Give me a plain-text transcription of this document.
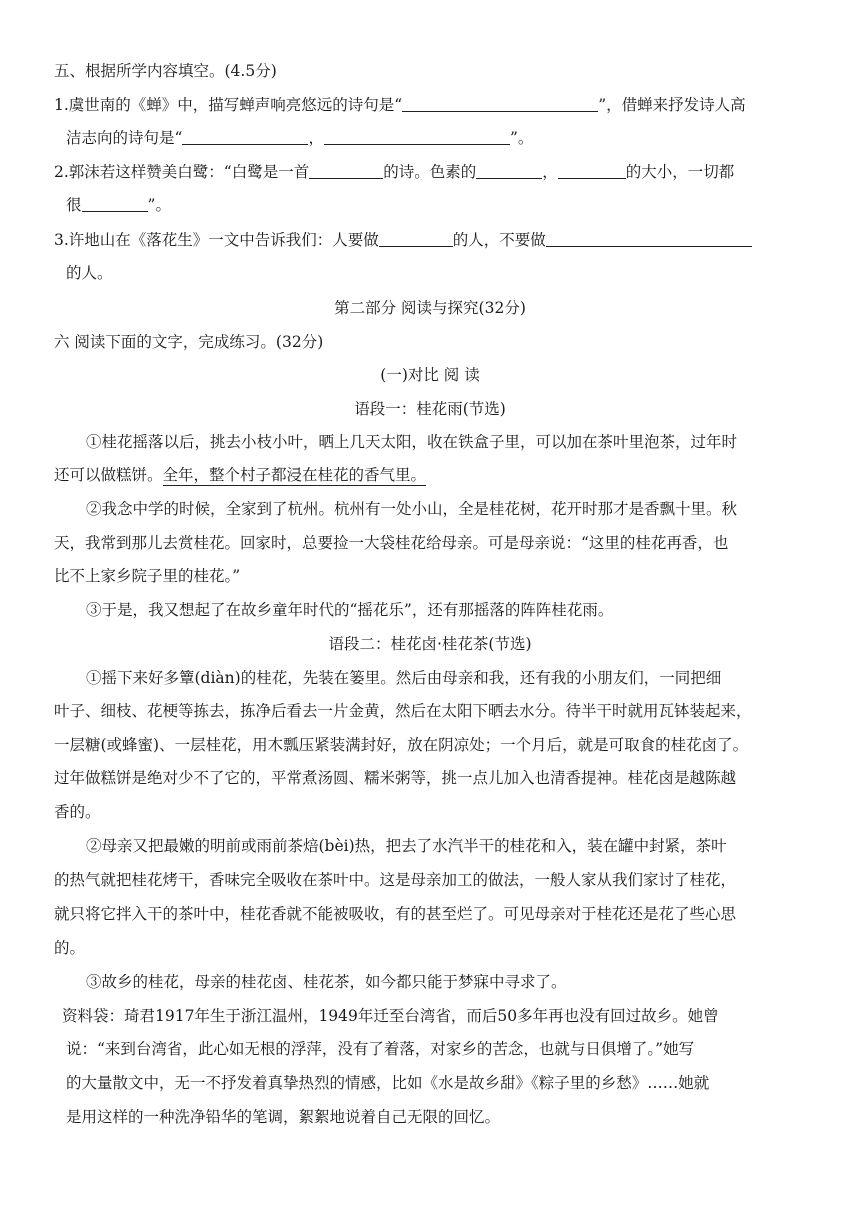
五、根据所学内容填空。(4.5分)
1.虞世南的《蝉》中，描写蝉声响亮悠远的诗句是“	”，借蝉来抒发诗人高
洁志向的诗句是“	，	”。
2.郭沫若这样赞美白鹭：“白鹭是一首	的诗。色素的	，	的大小，一切都
很	”。
3.许地山在《落花生》一文中告诉我们：人要做	的人，不要做
的人。
第二部分 阅读与探究(32分)
六 阅读下面的文字，完成练习。(32分)
(一)对比 阅 读
语段一：桂花雨(节选)
①桂花摇落以后，挑去小枝小叶，晒上几天太阳，收在铁盒子里，可以加在茶叶里泡茶，过年时
还可以做糕饼。全年，整个村子都浸在桂花的香气里。
②我念中学的时候，全家到了杭州。杭州有一处小山，全是桂花树，花开时那才是香飘十里。秋
天，我常到那儿去赏桂花。回家时，总要捡一大袋桂花给母亲。可是母亲说：“这里的桂花再香，也
比不上家乡院子里的桂花。”
③于是，我又想起了在故乡童年时代的“摇花乐”，还有那摇落的阵阵桂花雨。
语段二：桂花卤·桂花茶(节选)
①摇下来好多簟(diàn)的桂花，先装在篓里。然后由母亲和我，还有我的小朋友们，一同把细
叶子、细枝、花梗等拣去，拣净后看去一片金黄，然后在太阳下晒去水分。待半干时就用瓦钵装起来，
一层糖(或蜂蜜)、一层桂花，用木瓢压紧装满封好，放在阴凉处；一个月后，就是可取食的桂花卤了。
过年做糕饼是绝对少不了它的，平常煮汤圆、糯米粥等，挑一点儿加入也清香提神。桂花卤是越陈越
香的。
②母亲又把最嫩的明前或雨前茶焙(bèi)热，把去了水汽半干的桂花和入，装在罐中封紧，茶叶
的热气就把桂花烤干，香味完全吸收在茶叶中。这是母亲加工的做法，一般人家从我们家讨了桂花，
就只将它拌入干的茶叶中，桂花香就不能被吸收，有的甚至烂了。可见母亲对于桂花还是花了些心思
的。
③故乡的桂花，母亲的桂花卤、桂花茶，如今都只能于梦寐中寻求了。
资料袋：琦君1917年生于浙江温州，1949年迁至台湾省，而后50多年再也没有回过故乡。她曾
说：“来到台湾省，此心如无根的浮萍，没有了着落，对家乡的苦念，也就与日俱增了。”她写
的大量散文中，无一不抒发着真挚热烈的情感，比如《水是故乡甜》《粽子里的乡愁》……她就
是用这样的一种洗净铅华的笔调，絮絮地说着自己无限的回忆。
